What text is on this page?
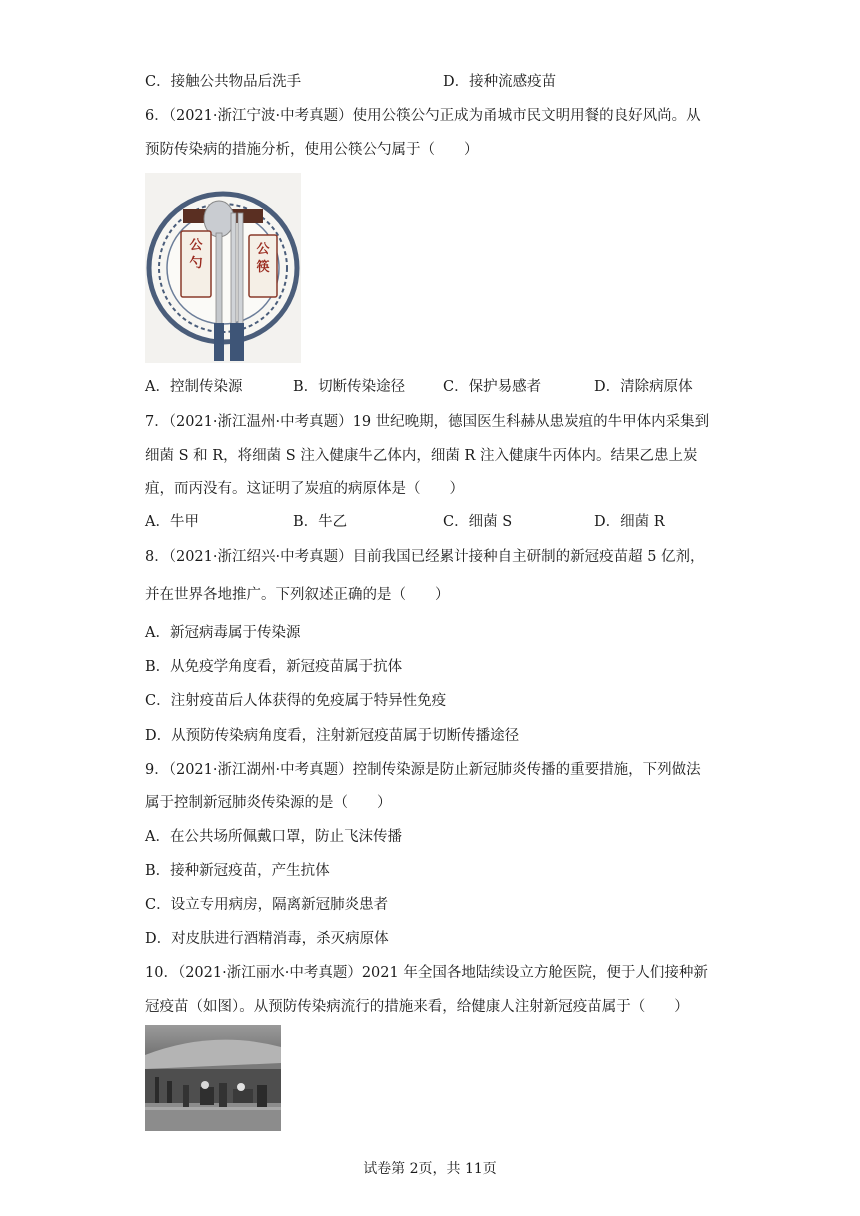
C．接触公共物品后洗手	D．接种流感疫苗
6．（2021·浙江宁波·中考真题）使用公筷公勺正成为甬城市民文明用餐的良好风尚。从
预防传染病的措施分析，使用公筷公勺属于（　　）
公勺
公筷
A．控制传染源	B．切断传染途径	C．保护易感者	D．清除病原体
7．（2021·浙江温州·中考真题）19 世纪晚期，德国医生科赫从患炭疽的牛甲体内采集到
细菌 S 和 R，将细菌 S 注入健康牛乙体内，细菌 R 注入健康牛丙体内。结果乙患上炭
疽，而丙没有。这证明了炭疽的病原体是（　　）
A．牛甲	B．牛乙	C．细菌 S	D．细菌 R
8．（2021·浙江绍兴·中考真题）目前我国已经累计接种自主研制的新冠疫苗超 5 亿剂，
并在世界各地推广。下列叙述正确的是（　　）
A．新冠病毒属于传染源
B．从免疫学角度看，新冠疫苗属于抗体
C．注射疫苗后人体获得的免疫属于特异性免疫
D．从预防传染病角度看，注射新冠疫苗属于切断传播途径
9．（2021·浙江湖州·中考真题）控制传染源是防止新冠肺炎传播的重要措施，下列做法
属于控制新冠肺炎传染源的是（　　）
A．在公共场所佩戴口罩，防止飞沫传播
B．接种新冠疫苗，产生抗体
C．设立专用病房，隔离新冠肺炎患者
D．对皮肤进行酒精消毒，杀灭病原体
10．（2021·浙江丽水·中考真题）2021 年全国各地陆续设立方舱医院，便于人们接种新
冠疫苗（如图）。从预防传染病流行的措施来看，给健康人注射新冠疫苗属于（　　）
试卷第 2页，共 11页
